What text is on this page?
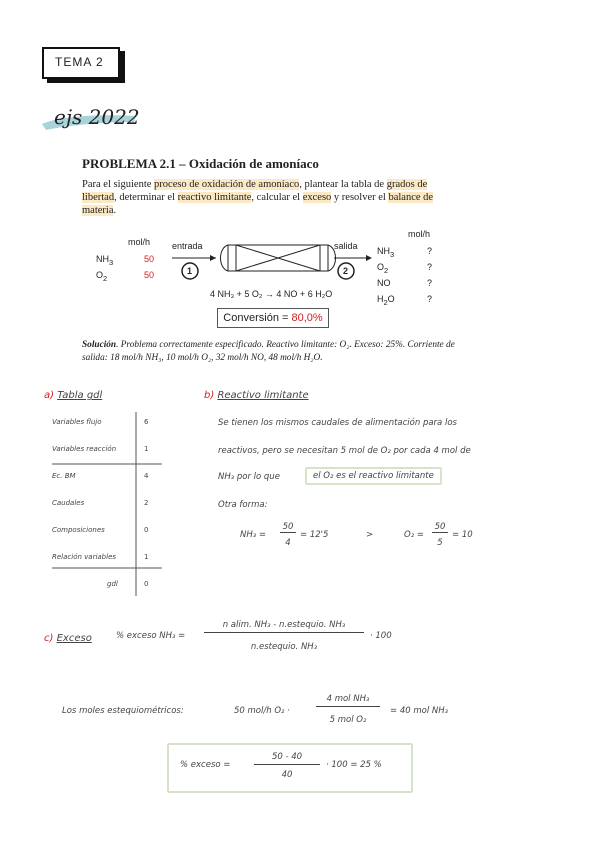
TEMA 2
ejs 2022
PROBLEMA 2.1 – Oxidación de amoníaco
Para el siguiente proceso de oxidación de amoníaco, plantear la tabla de grados de libertad, determinar el reactivo limitante, calcular el exceso y resolver el balance de materia.
mol/h
$NH_3$	50
$O_2$	50
entrada	salida
1	2
mol/h
$NH_3$	?
$O_2$	?
NO	?
$H_2O$	?
4 NH₃ + 5 O₂ → 4 NO + 6 H₂O
Conversión = 80,0%
Solución. Problema correctamente especificado. Reactivo limitante: O₂. Exceso: 25%. Corriente de salida: 18 mol/h NH₃, 10 mol/h O₂, 32 mol/h NO, 48 mol/h H₂O.
a) Tabla gdl
Variables flujo	6
Variables reacción	1
Ec. BM	4
Caudales	2
Composiciones	0
Relación variables	1
gdl	0
b) Reactivo limitante
Se tienen los mismos caudales de alimentación para los
reactivos, pero se necesitan 5 mol de O₂ por cada 4 mol de
NH₃ por lo que	el O₂ es el reactivo limitante
Otra forma:
NH₃ =
50
4
= 12'5	>	O₂ =
50
5
= 10
c) Exceso	% exceso NH₃ =
n alim. NH₃ - n.estequio. NH₃
n.estequio. NH₃
· 100
Los moles estequiométricos:	50 mol/h O₂ ·
4 mol NH₃
5 mol O₂
= 40 mol NH₃
% exceso =
50 - 40
40
· 100 = 25 %
